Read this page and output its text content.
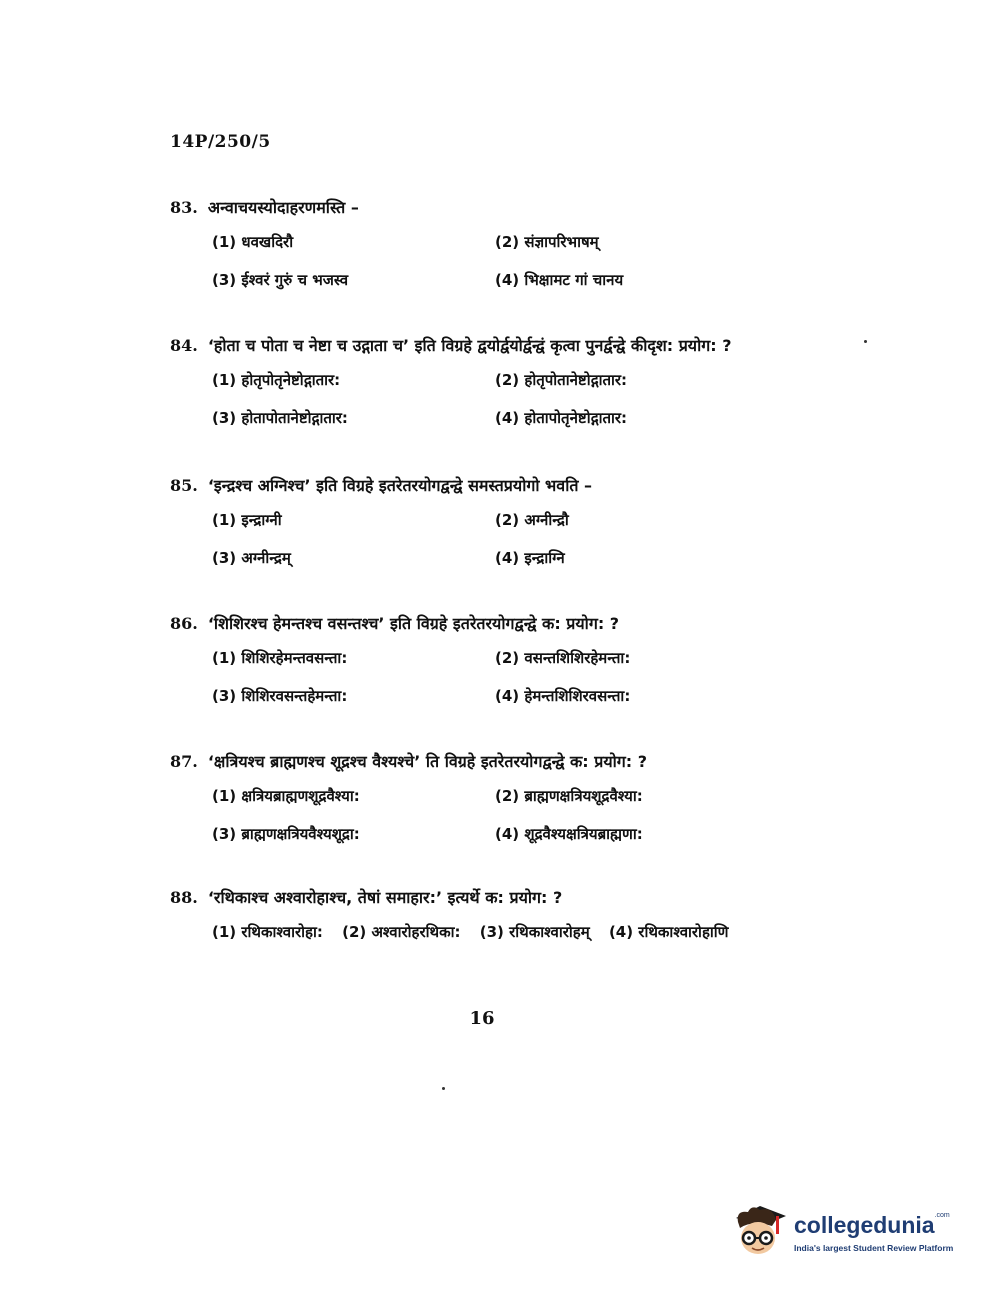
14P/250/5
83. अन्वाचयस्योदाहरणमस्ति –
(1) धवखदिरौ	(2) संज्ञापरिभाषम्
(3) ईश्वरं गुरुं च भजस्व	(4) भिक्षामट गां चानय
84. ‘होता च पोता च नेष्टा च उद्गाता च’ इति विग्रहे द्वयोर्द्वयोर्द्वन्द्वं कृत्वा पुनर्द्वन्द्वे कीदृश: प्रयोग: ?
(1) होतृपोतृनेष्टोद्गातार:	(2) होतृपोतानेष्टोद्गातार:
(3) होतापोतानेष्टोद्गातार:	(4) होतापोतृनेष्टोद्गातार:
85. ‘इन्द्रश्च अग्निश्च’ इति विग्रहे इतरेतरयोगद्वन्द्वे समस्तप्रयोगो भवति –
(1) इन्द्राग्नी	(2) अग्नीन्द्रौ
(3) अग्नीन्द्रम्	(4) इन्द्राग्नि
86. ‘शिशिरश्च हेमन्तश्च वसन्तश्च’ इति विग्रहे इतरेतरयोगद्वन्द्वे क: प्रयोग: ?
(1) शिशिरहेमन्तवसन्ता:	(2) वसन्तशिशिरहेमन्ता:
(3) शिशिरवसन्तहेमन्ता:	(4) हेमन्तशिशिरवसन्ता:
87. ‘क्षत्रियश्च ब्राह्मणश्च शूद्रश्च वैश्यश्चे’ ति विग्रहे इतरेतरयोगद्वन्द्वे क: प्रयोग: ?
(1) क्षत्रियब्राह्मणशूद्रवैश्या:	(2) ब्राह्मणक्षत्रियशूद्रवैश्या:
(3) ब्राह्मणक्षत्रियवैश्यशूद्रा:	(4) शूद्रवैश्यक्षत्रियब्राह्मणा:
88. ‘रथिकाश्च अश्वारोहाश्च, तेषां समाहार:’ इत्यर्थे क: प्रयोग: ?
(1) रथिकाश्वारोहा: (2) अश्वारोहरथिका: (3) रथिकाश्वारोहम् (4) रथिकाश्वारोहाणि
16
collegedunia$^{.com}$
India's largest Student Review Platform
